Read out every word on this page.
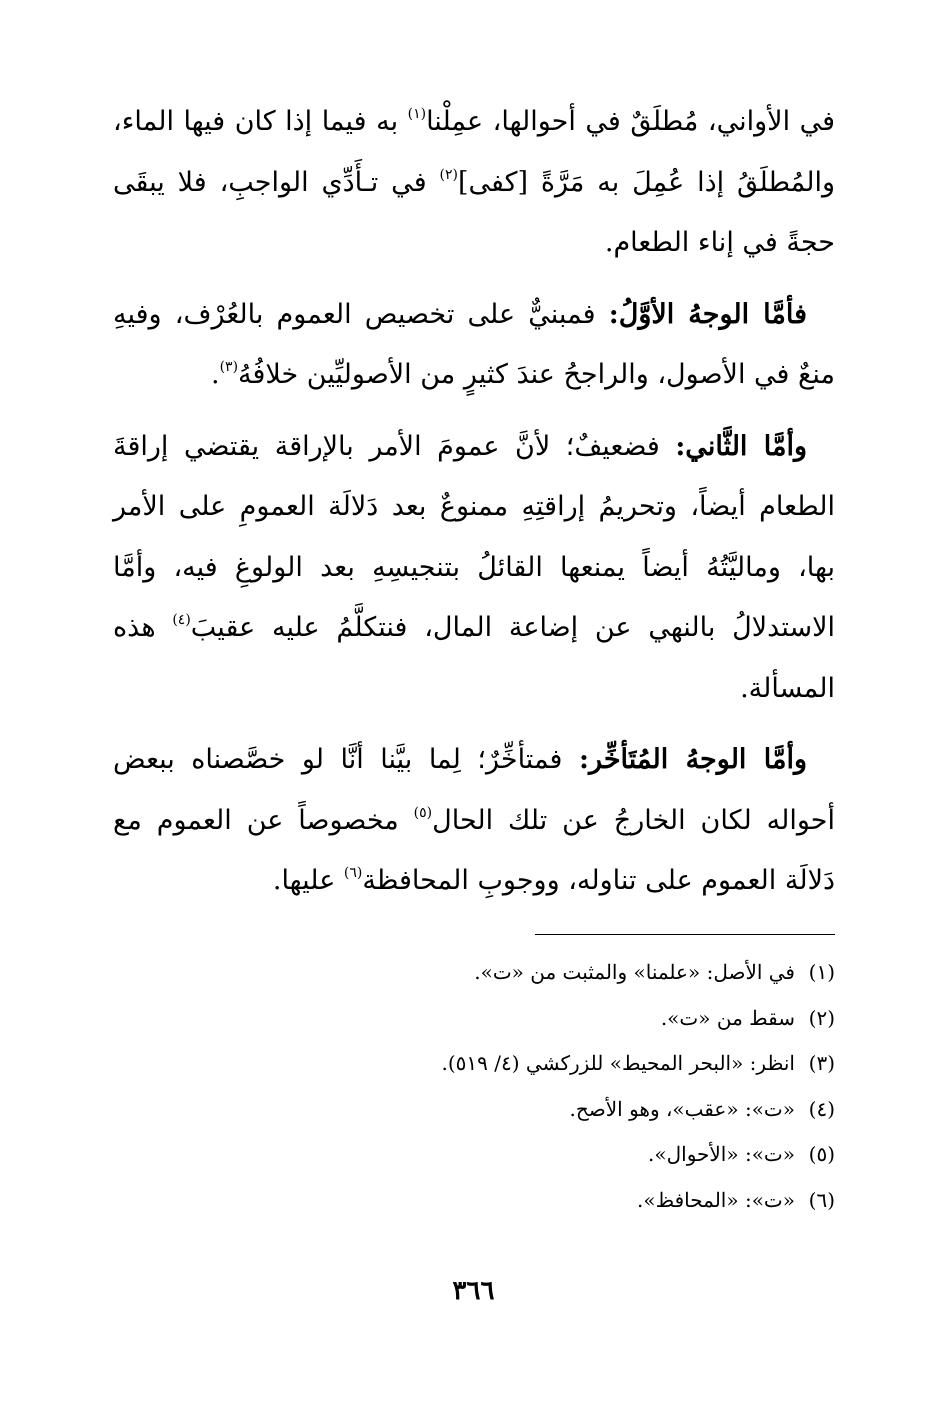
في الأواني، مُطلَقٌ في أحوالها، عمِلْنا$^{(١)}$ به فيما إذا كان فيها الماء، والمُطلَقُ إذا عُمِلَ به مَرَّةً [كفى]$^{(٢)}$ في تـأَدِّي الواجبِ، فلا يبقَى حجةً في إناء الطعام.

فأمَّا الوجهُ الأوَّلُ: فمبنيٌّ على تخصيص العموم بالعُرْف، وفيهِ منعٌ في الأصول، والراجحُ عندَ كثيرٍ من الأصوليِّين خلافُهُ$^{(٣)}$.

وأمَّا الثَّاني: فضعيفٌ؛ لأنَّ عمومَ الأمر بالإراقة يقتضي إراقةَ الطعام أيضاً، وتحريمُ إراقتِهِ ممنوعٌ بعد دَلالَة العمومِ على الأمر بها، وماليَّتُهُ أيضاً يمنعها القائلُ بتنجيسِهِ بعد الولوغِ فيه، وأمَّا الاستدلالُ بالنهي عن إضاعة المال، فنتكلَّمُ عليه عقيبَ$^{(٤)}$ هذه المسألة.

وأمَّا الوجهُ المُتَأخِّر: فمتأخِّرٌ؛ لِما بيَّنا أنَّا لو خصَّصناه ببعض أحواله لكان الخارجُ عن تلك الحال$^{(٥)}$ مخصوصاً عن العموم مع دَلالَة العموم على تناوله، ووجوبِ المحافظة$^{(٦)}$ عليها.

(١)في الأصل: «علمنا» والمثبت من «ت».
(٢)سقط من «ت».
(٣)انظر: «البحر المحيط» للزركشي (٤/ ٥١٩).
(٤)«ت»: «عقب»، وهو الأصح.
(٥)«ت»: «الأحوال».
(٦)«ت»: «المحافظ».
٣٦٦
